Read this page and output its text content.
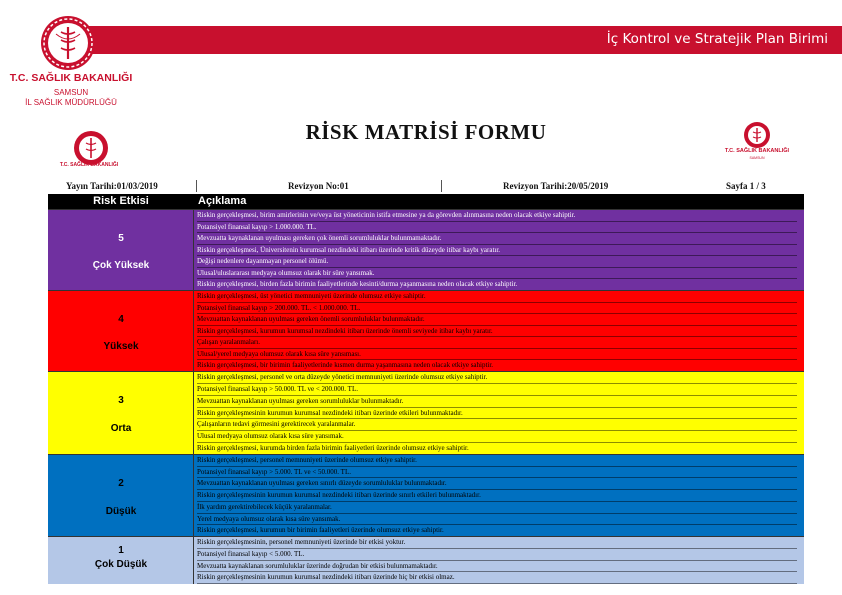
İç Kontrol ve Stratejik Plan Birimi
T.C. SAĞLIK BAKANLIĞI
SAMSUN
İL SAĞLIK MÜDÜRLÜĞÜ
T.C. SAĞLIK BAKANLIĞI
RİSK MATRİSİ FORMU
T.C. SAĞLIK BAKANLIĞI
SAMSUN
Yayın Tarihi:01/03/2019	Revizyon No:01	Revizyon Tarihi:20/05/2019	Sayfa 1 / 3
Risk Etkisi	Açıklama
5
Çok Yüksek
Riskin gerçekleşmesi, birim amirlerinin ve/veya üst yöneticinin istifa etmesine ya da görevden alınmasına neden olacak etkiye sahiptir.
Potansiyel finansal kayıp > 1.000.000. TL.
Mevzuatta kaynaklanan uyulması gereken çok önemli sorumluluklar bulunmamaktadır.
Riskin gerçekleşmesi, Üniversitenin kurumsal nezdindeki itibarı üzerinde kritik düzeyde itibar kaybı yaratır.
Değişi nedenlere dayanmayan personel ölümü.
Ulusal/uluslararası medyaya olumsuz olarak bir süre yansımak.
Riskin gerçekleşmesi, birden fazla birimin faaliyetlerinde kesinti/durma yaşanmasına neden olacak etkiye sahiptir.
4
Yüksek
Riskin gerçekleşmesi, üst yönetici memnuniyeti üzerinde olumsuz etkiye sahiptir.
Potansiyel finansal kayıp > 200.000. TL. < 1.000.000. TL.
Mevzuattan kaynaklanan uyulması gereken önemli sorumluluklar bulunmaktadır.
Riskin gerçekleşmesi, kurumun kurumsal nezdindeki itibarı üzerinde önemli seviyede itibar kaybı yaratır.
Çalışan yaralanmaları.
Ulusal/yerel medyaya olumsuz olarak kısa süre yansıması.
Riskin gerçekleşmesi, bir birimin faaliyetlerinde kısmen durma yaşanmasına neden olacak etkiye sahiptir.
3
Orta
Riskin gerçekleşmesi, personel ve orta düzeyde yönetici memnuniyeti üzerinde olumsuz etkiye sahiptir.
Potansiyel finansal kayıp > 50.000. TL ve < 200.000. TL.
Mevzuattan kaynaklanan uyulması gereken sorumluluklar bulunmaktadır.
Riskin gerçekleşmesinin kurumun kurumsal nezdindeki itibarı üzerinde etkileri bulunmaktadır.
Çalışanların tedavi görmesini gerektirecek yaralanmalar.
Ulusal medyaya olumsuz olarak kısa süre yansımak.
Riskin gerçekleşmesi, kurumda birden fazla birimin faaliyetleri üzerinde olumsuz etkiye sahiptir.
2
Düşük
Riskin gerçekleşmesi, personel memnuniyeti üzerinde olumsuz etkiye sahiptir.
Potansiyel finansal kayıp > 5.000. TL ve < 50.000. TL.
Mevzuattan kaynaklanan uyulması gereken sınırlı düzeyde sorumluluklar bulunmaktadır.
Riskin gerçekleşmesinin kurumun kurumsal nezdindeki itibarı üzerinde sınırlı etkileri bulunmaktadır.
İlk yardım gerektirebilecek küçük yaralanmalar.
Yerel medyaya olumsuz olarak kısa süre yansımak.
Riskin gerçekleşmesi, kurumun bir birimin faaliyetleri üzerinde olumsuz etkiye sahiptir.
1
Çok Düşük
Riskin gerçekleşmesinin, personel memnuniyeti üzerinde bir etkisi yoktur.
Potansiyel finansal kayıp < 5.000. TL.
Mevzuatta kaynaklanan sorumluluklar üzerinde doğrudan bir etkisi bulunmamaktadır.
Riskin gerçekleşmesinin kurumun kurumsal nezdindeki itibarı üzerinde hiç bir etkisi olmaz.
